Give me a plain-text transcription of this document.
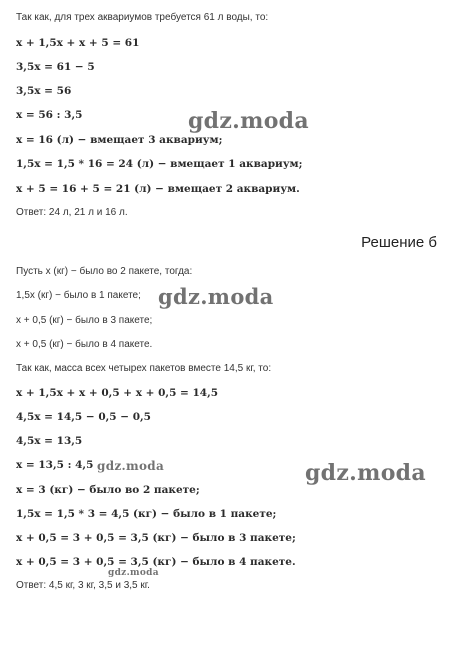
Так как, для трех аквариумов требуется 61 л воды, то:
x + 1,5x + x + 5 = 61
3,5x = 61 − 5
3,5x = 56
x = 56 : 3,5
x = 16 (л) − вмещает 3 аквариум;
1,5x = 1,5 * 16 = 24 (л) − вмещает 1 аквариум;
x + 5 = 16 + 5 = 21 (л) − вмещает 2 аквариум.
Ответ: 24 л, 21 л и 16 л.
Решение б
Пусть x (кг) − было во 2 пакете, тогда:
1,5x (кг) − было в 1 пакете;
x + 0,5 (кг) − было в 3 пакете;
x + 0,5 (кг) − было в 4 пакете.
Так как, масса всех четырех пакетов вместе 14,5 кг, то:
x + 1,5x + x + 0,5 + x + 0,5 = 14,5
4,5x = 14,5 − 0,5 − 0,5
4,5x = 13,5
x = 13,5 : 4,5
x = 3 (кг) − было во 2 пакете;
1,5x = 1,5 * 3 = 4,5 (кг) − было в 1 пакете;
x + 0,5 = 3 + 0,5 = 3,5 (кг) − было в 3 пакете;
x + 0,5 = 3 + 0,5 = 3,5 (кг) − было в 4 пакете.
Ответ: 4,5 кг, 3 кг, 3,5 и 3,5 кг.
gdz.moda
gdz.moda
gdz.moda
gdz.moda
gdz.moda
